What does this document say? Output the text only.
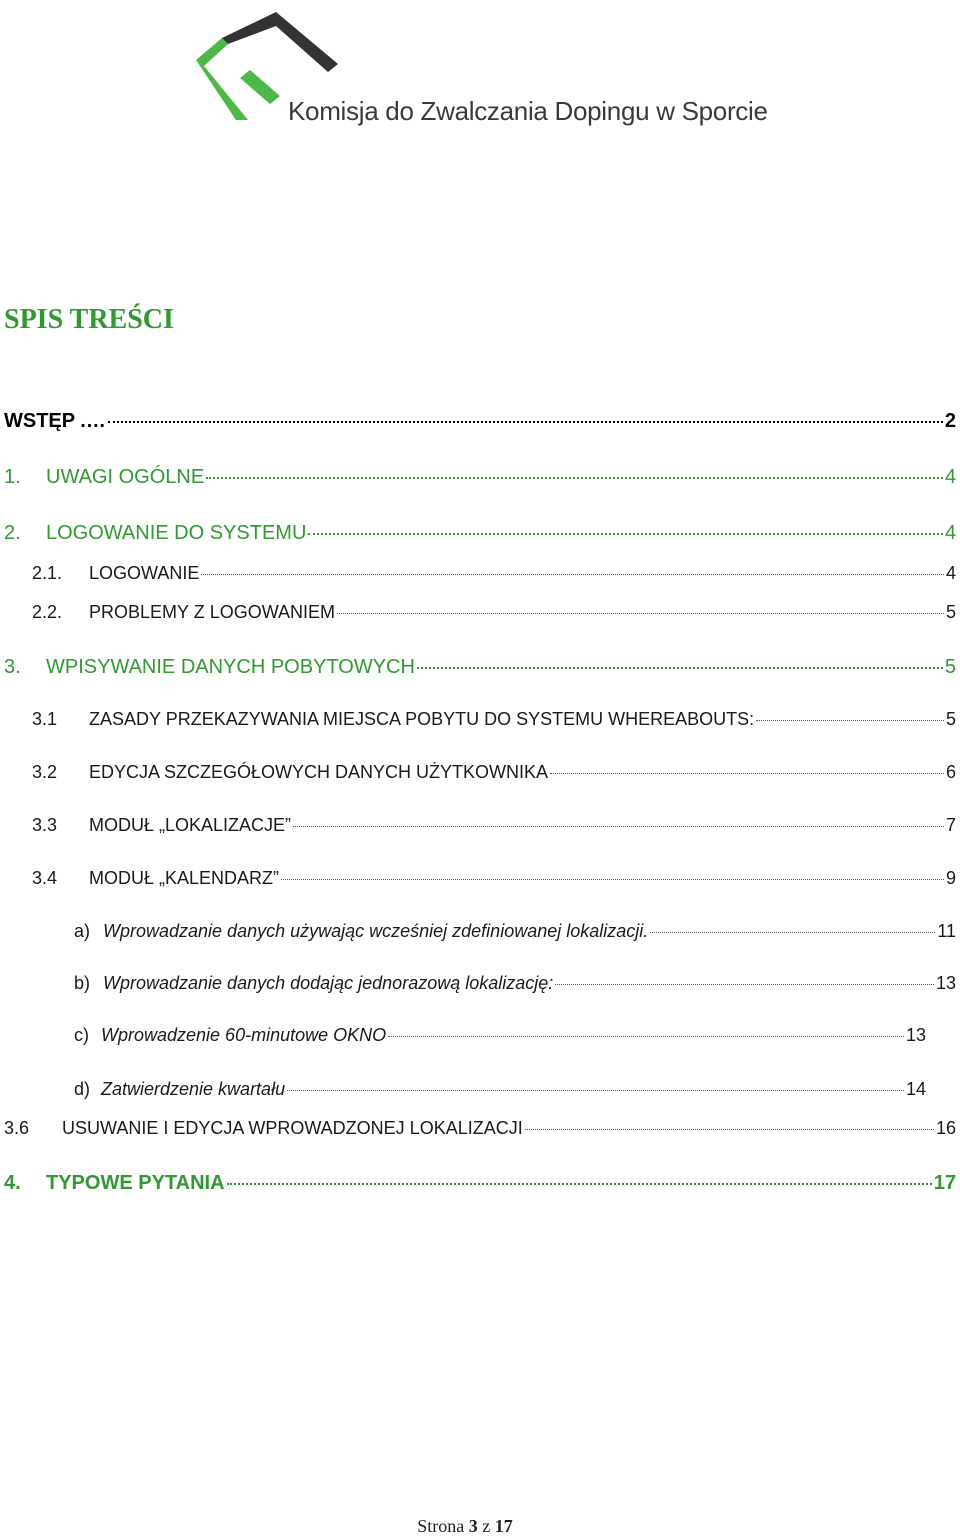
Komisja do Zwalczania Dopingu w Sporcie
SPIS TREŚCI
WSTĘP .…	2
1.	UWAGI OGÓLNE	4
2.	LOGOWANIE DO SYSTEMU	4
2.1.	LOGOWANIE	4
2.2.	PROBLEMY Z LOGOWANIEM	5
3.	WPISYWANIE DANYCH POBYTOWYCH	5
3.1	ZASADY PRZEKAZYWANIA MIEJSCA POBYTU DO SYSTEMU WHEREABOUTS:	5
3.2	EDYCJA SZCZEGÓŁOWYCH DANYCH UŻYTKOWNIKA	6
3.3	MODUŁ „LOKALIZACJE”	7
3.4	MODUŁ „KALENDARZ”	9
a) Wprowadzanie danych używając wcześniej zdefiniowanej lokalizacji.	11
b) Wprowadzanie danych dodając jednorazową lokalizację:	13
c) Wprowadzenie 60-minutowe OKNO	13
d) Zatwierdzenie kwartału	14
3.6	USUWANIE I EDYCJA WPROWADZONEJ LOKALIZACJI	16
4.	TYPOWE PYTANIA	17
Strona 3 z 17
